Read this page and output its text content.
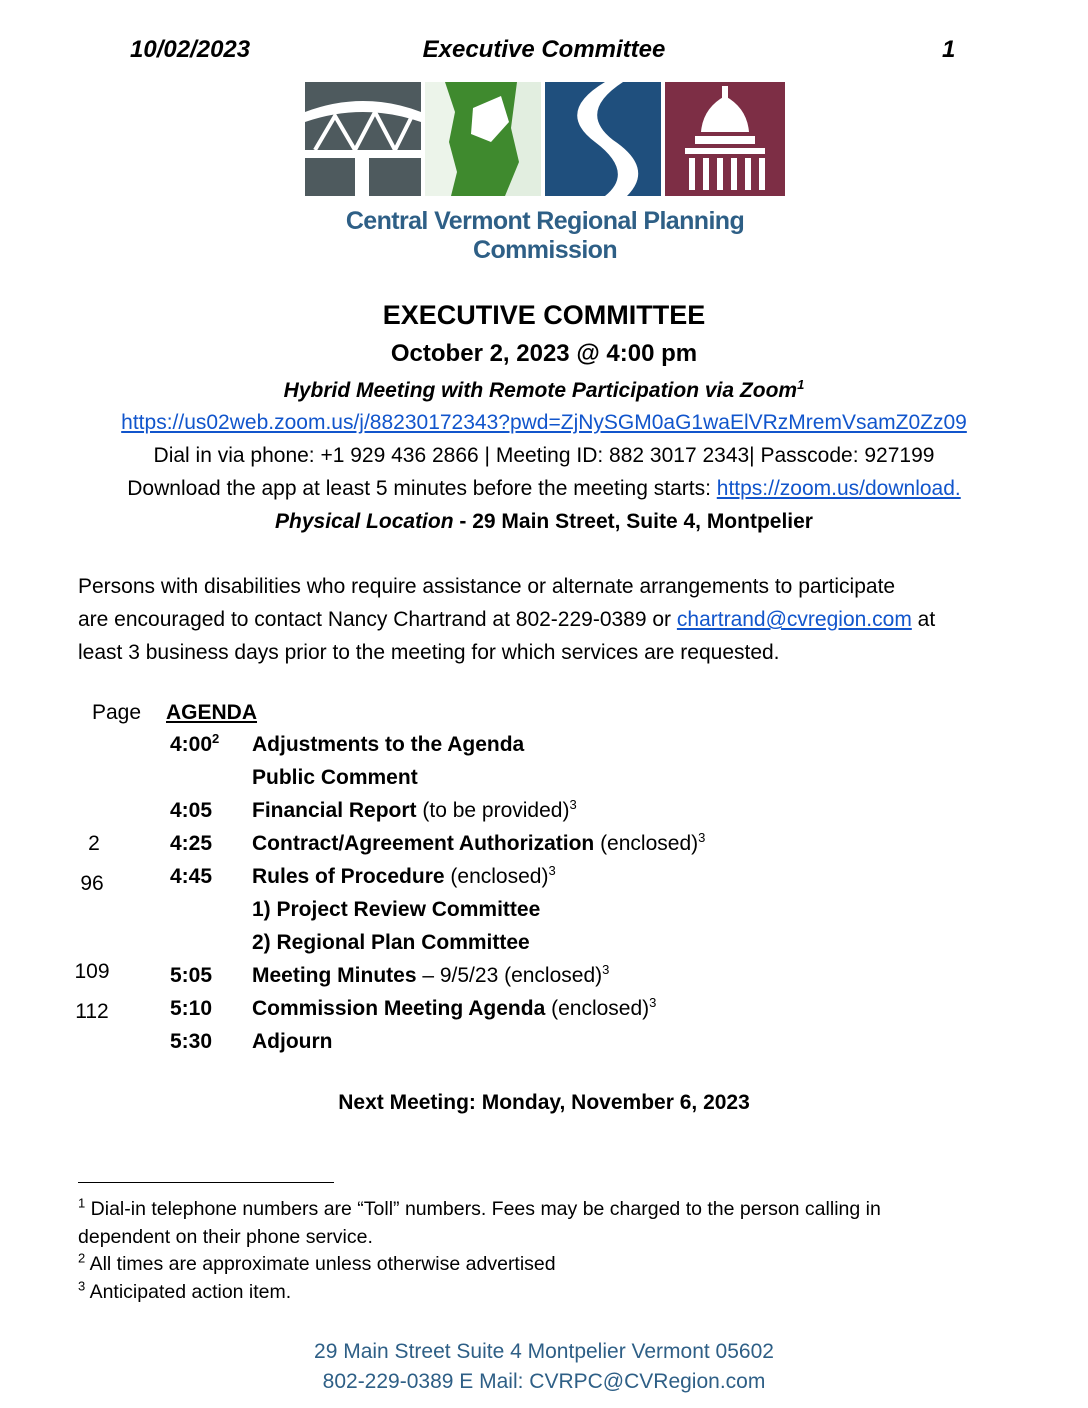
10/02/2023	Executive Committee	1
Central Vermont Regional Planning Commission
EXECUTIVE COMMITTEE
October 2, 2023 @ 4:00 pm
Hybrid Meeting with Remote Participation via Zoom$^1$
https://us02web.zoom.us/j/88230172343?pwd=ZjNySGM0aG1waElVRzMremVsamZ0Zz09
Dial in via phone: +1 929 436 2866 | Meeting ID: 882 3017 2343| Passcode: 927199
Download the app at least 5 minutes before the meeting starts: https://zoom.us/download.
Physical Location - 29 Main Street, Suite 4, Montpelier
Persons with disabilities who require assistance or alternate arrangements to participate
are encouraged to contact Nancy Chartrand at 802-229-0389 or chartrand@cvregion.com at
least 3 business days prior to the meeting for which services are requested.
Page AGENDA
$4:00^2$ Adjustments to the Agenda
Public Comment
4:05 Financial Report (to be provided)$^3$
2	4:25 Contract/Agreement Authorization (enclosed)$^3$
96	4:45 Rules of Procedure (enclosed)$^3$
1) Project Review Committee
2) Regional Plan Committee
109	5:05 Meeting Minutes – 9/5/23 (enclosed)$^3$
112	5:10 Commission Meeting Agenda (enclosed)$^3$
5:30 Adjourn
Next Meeting: Monday, November 6, 2023
$^1$ Dial-in telephone numbers are “Toll” numbers. Fees may be charged to the person calling in
dependent on their phone service.
$^2$ All times are approximate unless otherwise advertised
$^3$ Anticipated action item.
29 Main Street Suite 4 Montpelier Vermont 05602
802-229-0389 E Mail: CVRPC@CVRegion.com
